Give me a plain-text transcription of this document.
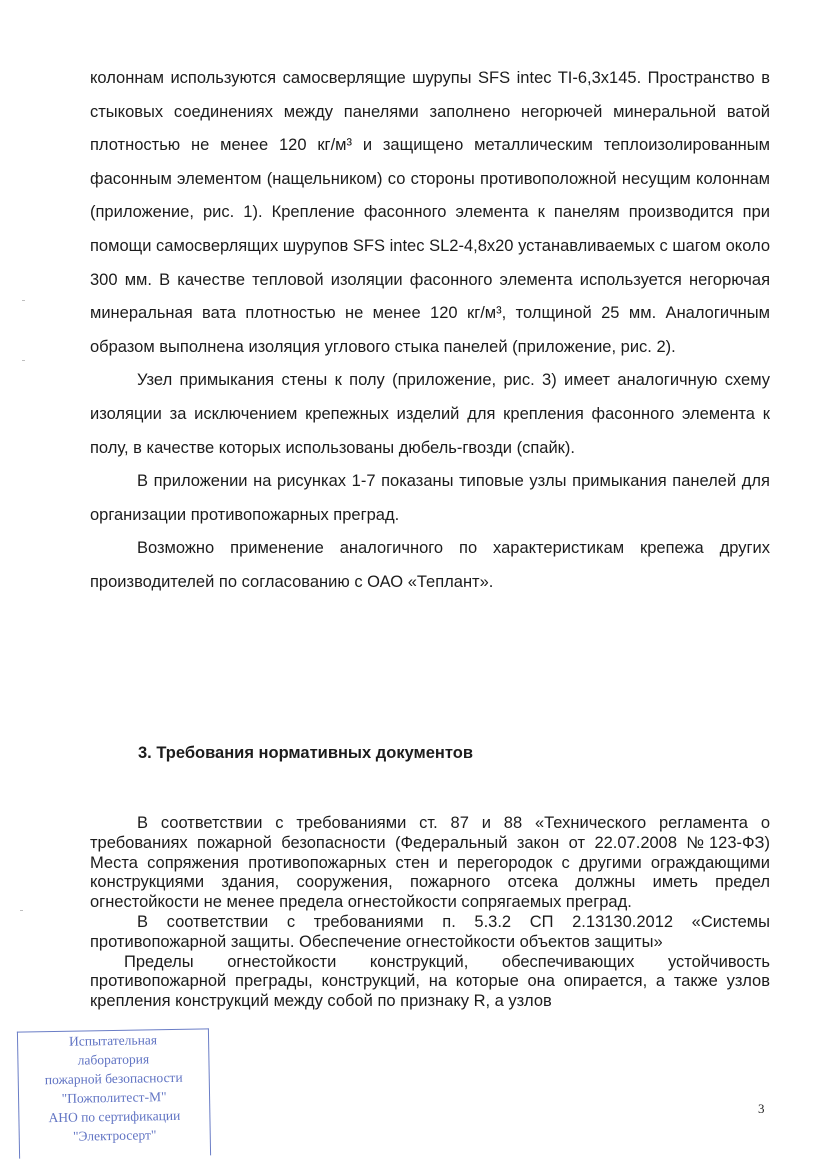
колоннам используются самосверлящие шурупы SFS intec TI-6,3x145. Пространство в стыковых соединениях между панелями заполнено негорючей минеральной ватой плотностью не менее 120 кг/м³ и защищено металлическим теплоизолированным фасонным элементом (нащельником) со стороны противоположной несущим колоннам (приложение, рис. 1). Крепление фасонного элемента к панелям производится при помощи самосверлящих шурупов SFS intec SL2-4,8x20 устанавливаемых с шагом около 300 мм. В качестве тепловой изоляции фасонного элемента используется негорючая минеральная вата плотностью не менее 120 кг/м³, толщиной 25 мм. Аналогичным образом выполнена изоляция углового стыка панелей (приложение, рис. 2).

Узел примыкания стены к полу (приложение, рис. 3) имеет аналогичную схему изоляции за исключением крепежных изделий для крепления фасонного элемента к полу, в качестве которых использованы дюбель-гвозди (спайк).

В приложении на рисунках 1-7 показаны типовые узлы примыкания панелей для организации противопожарных преград.

Возможно применение аналогичного по характеристикам крепежа других производителей по согласованию с ОАО «Теплант».

3. Требования нормативных документов

В соответствии с требованиями ст. 87 и 88 «Технического регламента о требованиях пожарной безопасности (Федеральный закон от 22.07.2008 №123-ФЗ) Места сопряжения противопожарных стен и перегородок с другими ограждающими конструкциями здания, сооружения, пожарного отсека должны иметь предел огнестойкости не менее предела огнестойкости сопрягаемых преград.

В соответствии с требованиями п. 5.3.2 СП 2.13130.2012 «Системы противопожарной защиты. Обеспечение огнестойкости объектов защиты»

Пределы огнестойкости конструкций, обеспечивающих устойчивость противопожарной преграды, конструкций, на которые она опирается, а также узлов крепления конструкций между собой по признаку R, а узлов

3
Испытательная
лаборатория
пожарной безопасности
"Пожполитест-М"
АНО по сертификации
"Электросерт"
